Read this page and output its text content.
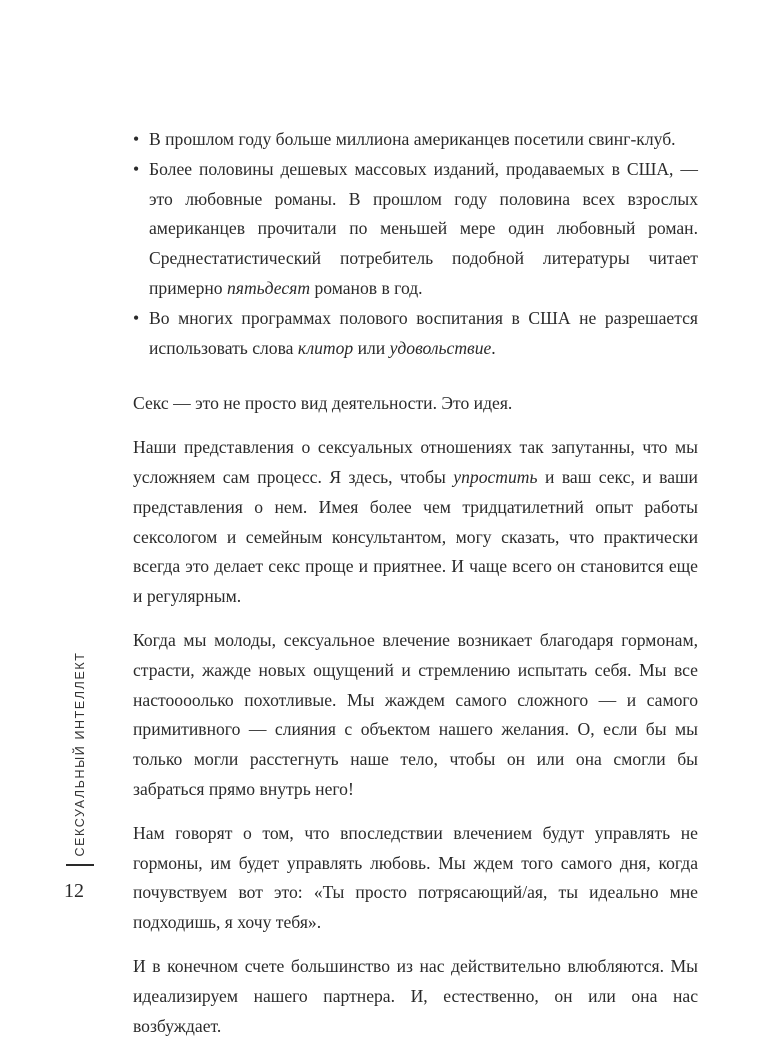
• В прошлом году больше миллиона американцев посетили свинг-клуб.
• Более половины дешевых массовых изданий, продаваемых в США, — это любовные романы. В прошлом году половина всех взрослых американцев прочитали по меньшей мере один любовный роман. Среднестатистический потребитель подобной литературы читает примерно пятьдесят романов в год.
• Во многих программах полового воспитания в США не разрешается использовать слова клитор или удовольствие.

Секс — это не просто вид деятельности. Это идея.

Наши представления о сексуальных отношениях так запутанны, что мы усложняем сам процесс. Я здесь, чтобы упростить и ваш секс, и ваши представления о нем. Имея более чем тридцатилетний опыт работы сексологом и семейным консультантом, могу сказать, что практически всегда это делает секс проще и приятнее. И чаще всего он становится еще и регулярным.

Когда мы молоды, сексуальное влечение возникает благодаря гормонам, страсти, жажде новых ощущений и стремлению испытать себя. Мы все настоооолько похотливые. Мы жаждем самого сложного — и самого примитивного — слияния с объектом нашего желания. О, если бы мы только могли расстегнуть наше тело, чтобы он или она смогли бы забраться прямо внутрь него!

Нам говорят о том, что впоследствии влечением будут управлять не гормоны, им будет управлять любовь. Мы ждем того самого дня, когда почувствуем вот это: «Ты просто потрясающий/ая, ты идеально мне подходишь, я хочу тебя».

И в конечном счете большинство из нас действительно влюбляются. Мы идеализируем нашего партнера. И, естественно, он или она нас возбуждает.

СЕКСУАЛЬНЫЙ ИНТЕЛЛЕКТ
12
